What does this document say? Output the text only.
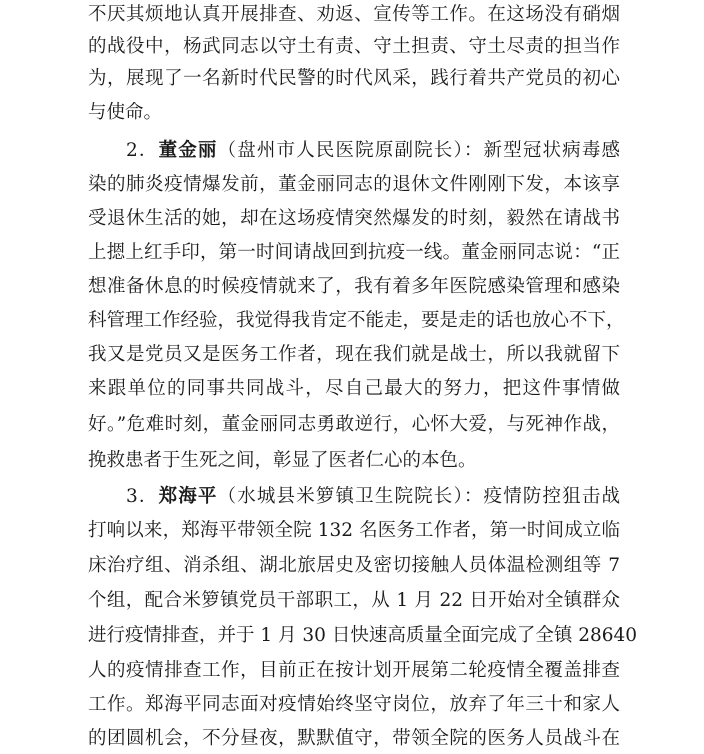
不厌其烦地认真开展排查、劝返、宣传等工作。在这场没有硝烟
的战役中，杨武同志以守土有责、守土担责、守土尽责的担当作
为，展现了一名新时代民警的时代风采，践行着共产党员的初心
与使命。
2．董金丽（盘州市人民医院原副院长）：新型冠状病毒感
染的肺炎疫情爆发前，董金丽同志的退休文件刚刚下发，本该享
受退休生活的她，却在这场疫情突然爆发的时刻，毅然在请战书
上摁上红手印，第一时间请战回到抗疫一线。董金丽同志说：“正
想准备休息的时候疫情就来了，我有着多年医院感染管理和感染
科管理工作经验，我觉得我肯定不能走，要是走的话也放心不下，
我又是党员又是医务工作者，现在我们就是战士，所以我就留下
来跟单位的同事共同战斗，尽自己最大的努力，把这件事情做
好。”危难时刻，董金丽同志勇敢逆行，心怀大爱，与死神作战，
挽救患者于生死之间，彰显了医者仁心的本色。
3．郑海平（水城县米箩镇卫生院院长）：疫情防控狙击战
打响以来，郑海平带领全院 132 名医务工作者，第一时间成立临
床治疗组、消杀组、湖北旅居史及密切接触人员体温检测组等 7
个组，配合米箩镇党员干部职工，从 1 月 22 日开始对全镇群众
进行疫情排查，并于 1 月 30 日快速高质量全面完成了全镇 28640
人的疫情排查工作，目前正在按计划开展第二轮疫情全覆盖排查
工作。郑海平同志面对疫情始终坚守岗位，放弃了年三十和家人
的团圆机会，不分昼夜，默默值守，带领全院的医务人员战斗在
